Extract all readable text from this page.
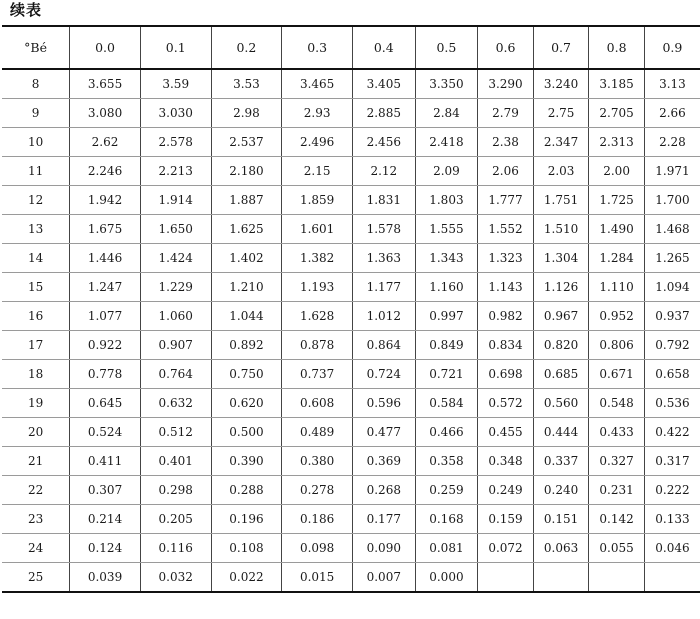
续表
°Bé	0.0	0.1	0.2	0.3	0.4	0.5	0.6	0.7	0.8	0.9
8	3.655	3.59	3.53	3.465	3.405	3.350	3.290	3.240	3.185	3.13
9	3.080	3.030	2.98	2.93	2.885	2.84	2.79	2.75	2.705	2.66
10	2.62	2.578	2.537	2.496	2.456	2.418	2.38	2.347	2.313	2.28
11	2.246	2.213	2.180	2.15	2.12	2.09	2.06	2.03	2.00	1.971
12	1.942	1.914	1.887	1.859	1.831	1.803	1.777	1.751	1.725	1.700
13	1.675	1.650	1.625	1.601	1.578	1.555	1.552	1.510	1.490	1.468
14	1.446	1.424	1.402	1.382	1.363	1.343	1.323	1.304	1.284	1.265
15	1.247	1.229	1.210	1.193	1.177	1.160	1.143	1.126	1.110	1.094
16	1.077	1.060	1.044	1.628	1.012	0.997	0.982	0.967	0.952	0.937
17	0.922	0.907	0.892	0.878	0.864	0.849	0.834	0.820	0.806	0.792
18	0.778	0.764	0.750	0.737	0.724	0.721	0.698	0.685	0.671	0.658
19	0.645	0.632	0.620	0.608	0.596	0.584	0.572	0.560	0.548	0.536
20	0.524	0.512	0.500	0.489	0.477	0.466	0.455	0.444	0.433	0.422
21	0.411	0.401	0.390	0.380	0.369	0.358	0.348	0.337	0.327	0.317
22	0.307	0.298	0.288	0.278	0.268	0.259	0.249	0.240	0.231	0.222
23	0.214	0.205	0.196	0.186	0.177	0.168	0.159	0.151	0.142	0.133
24	0.124	0.116	0.108	0.098	0.090	0.081	0.072	0.063	0.055	0.046
25	0.039	0.032	0.022	0.015	0.007	0.000				
